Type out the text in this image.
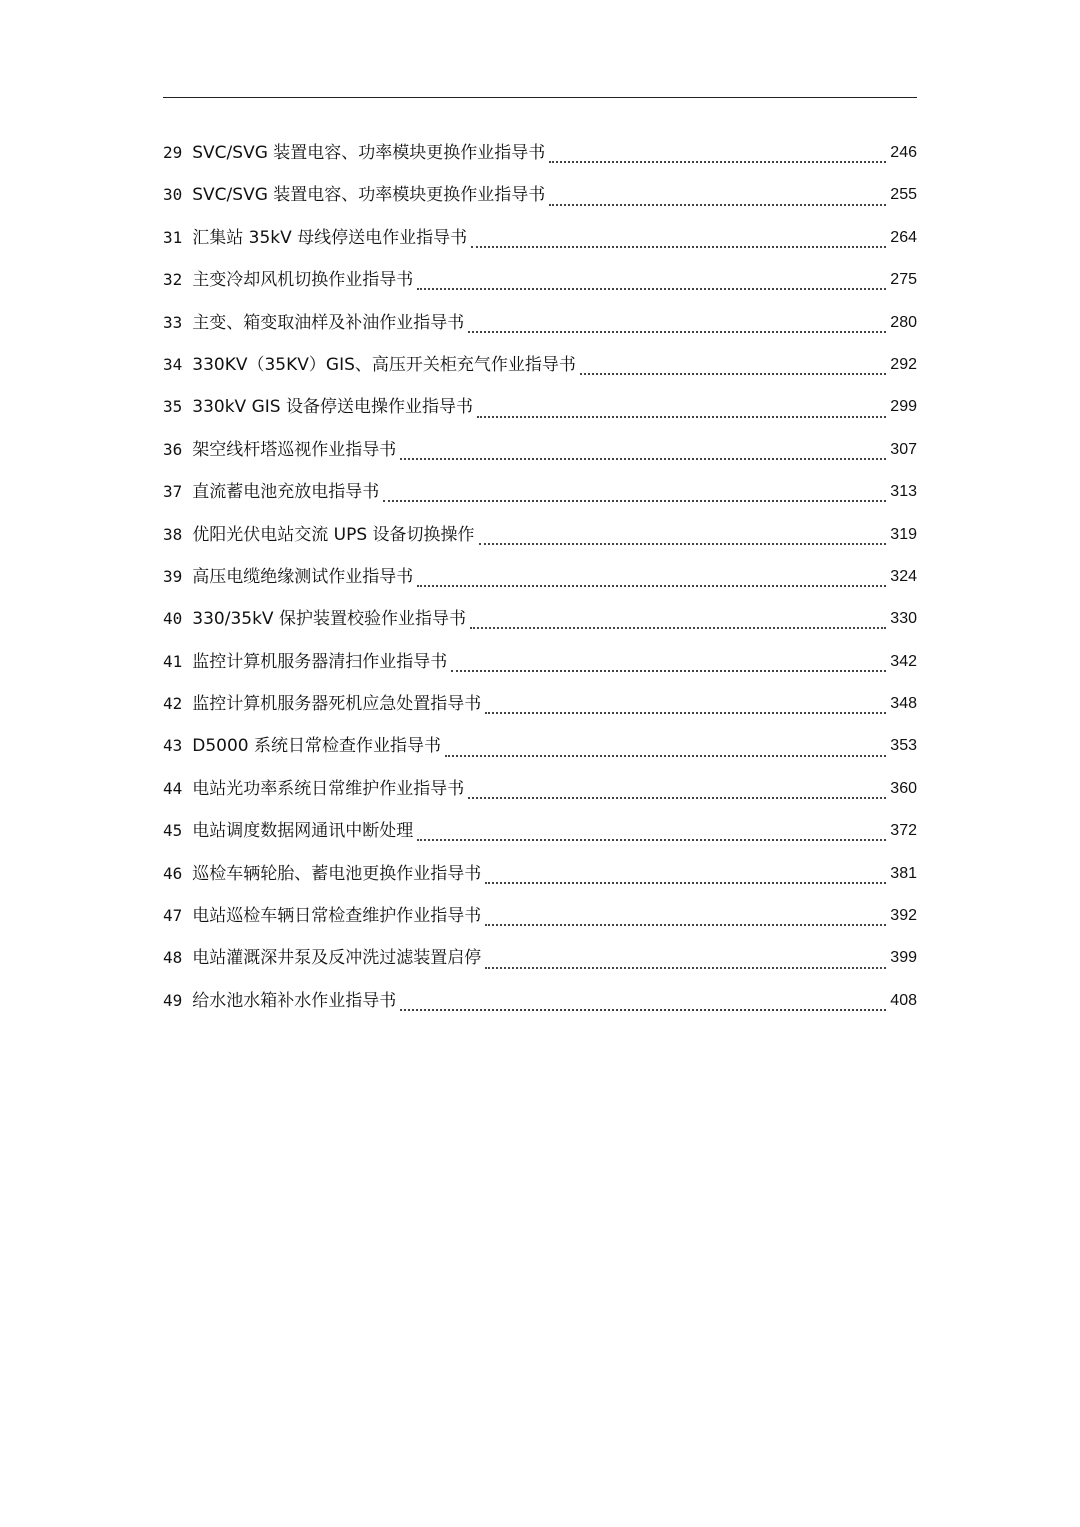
29 SVC/SVG 装置电容、功率模块更换作业指导书	246
30 SVC/SVG 装置电容、功率模块更换作业指导书	255
31 汇集站 35kV 母线停送电作业指导书	264
32 主变冷却风机切换作业指导书	275
33 主变、箱变取油样及补油作业指导书	280
34 330KV（35KV）GIS、高压开关柜充气作业指导书	292
35 330kV GIS 设备停送电操作业指导书	299
36 架空线杆塔巡视作业指导书	307
37 直流蓄电池充放电指导书	313
38 优阳光伏电站交流 UPS 设备切换操作	319
39 高压电缆绝缘测试作业指导书	324
40 330/35kV 保护装置校验作业指导书	330
41 监控计算机服务器清扫作业指导书	342
42 监控计算机服务器死机应急处置指导书	348
43 D5000 系统日常检查作业指导书	353
44 电站光功率系统日常维护作业指导书	360
45 电站调度数据网通讯中断处理	372
46 巡检车辆轮胎、蓄电池更换作业指导书	381
47 电站巡检车辆日常检查维护作业指导书	392
48 电站灌溉深井泵及反冲洗过滤装置启停	399
49 给水池水箱补水作业指导书	408
